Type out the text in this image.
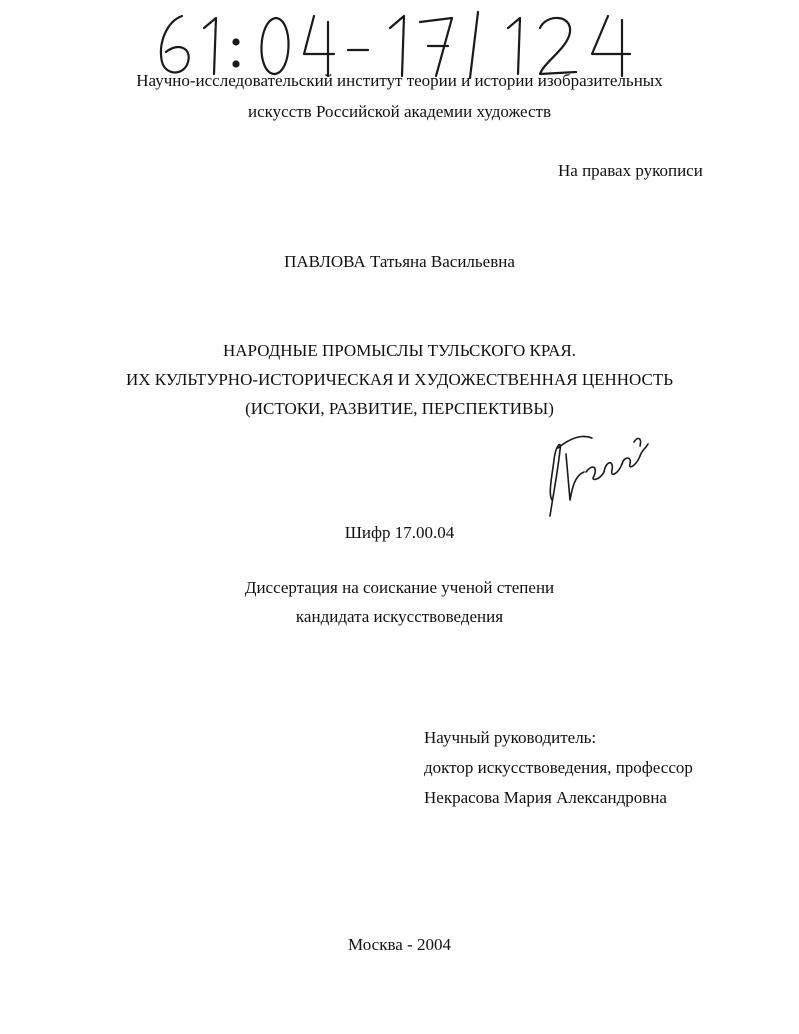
Научно-исследовательский институт теории и истории изобразительных
искусств Российской академии художеств
На правах рукописи
ПАВЛОВА Татьяна Васильевна
НАРОДНЫЕ ПРОМЫСЛЫ ТУЛЬСКОГО КРАЯ.
ИХ КУЛЬТУРНО-ИСТОРИЧЕСКАЯ И ХУДОЖЕСТВЕННАЯ ЦЕННОСТЬ
(ИСТОКИ, РАЗВИТИЕ, ПЕРСПЕКТИВЫ)
Шифр 17.00.04
Диссертация на соискание ученой степени
кандидата искусствоведения
Научный руководитель:
доктор искусствоведения, профессор
Некрасова Мария Александровна
Москва - 2004
